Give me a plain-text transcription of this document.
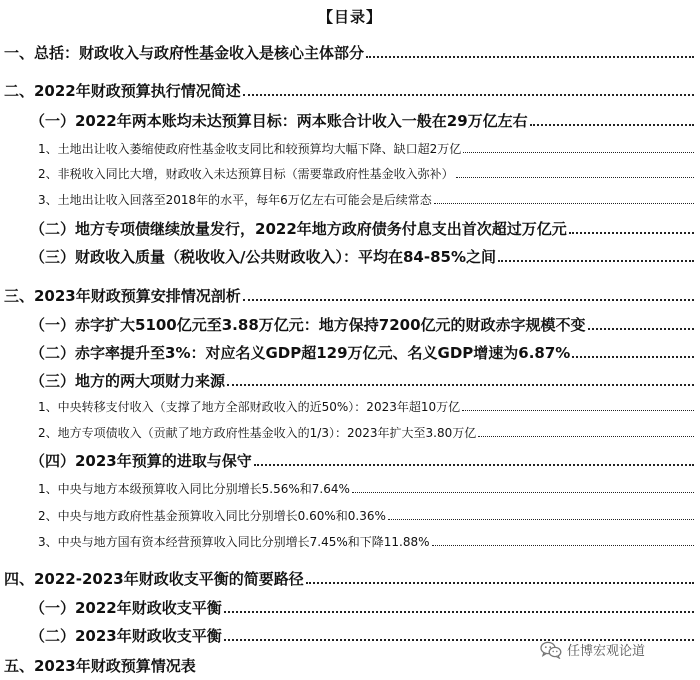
【目录】
一、总括：财政收入与政府性基金收入是核心主体部分
二、2022年财政预算执行情况简述
（一）2022年两本账均未达预算目标：两本账合计收入一般在29万亿左右
1、土地出让收入萎缩使政府性基金收支同比和较预算均大幅下降、缺口超2万亿
2、非税收入同比大增，财政收入未达预算目标（需要靠政府性基金收入弥补）
3、土地出让收入回落至2018年的水平，每年6万亿左右可能会是后续常态
（二）地方专项债继续放量发行，2022年地方政府债务付息支出首次超过万亿元
（三）财政收入质量（税收收入/公共财政收入）：平均在84-85%之间
三、2023年财政预算安排情况剖析
（一）赤字扩大5100亿元至3.88万亿元：地方保持7200亿元的财政赤字规模不变
（二）赤字率提升至3%：对应名义GDP超129万亿元、名义GDP增速为6.87%
（三）地方的两大项财力来源
1、中央转移支付收入（支撑了地方全部财政收入的近50%）：2023年超10万亿
2、地方专项债收入（贡献了地方政府性基金收入的1/3）：2023年扩大至3.80万亿
（四）2023年预算的进取与保守
1、中央与地方本级预算收入同比分别增长5.56%和7.64%
2、中央与地方政府性基金预算收入同比分别增长0.60%和0.36%
3、中央与地方国有资本经营预算收入同比分别增长7.45%和下降11.88%
四、2022-2023年财政收支平衡的简要路径
（一）2022年财政收支平衡
（二）2023年财政收支平衡
五、2023年财政预算情况表
任博宏观论道
